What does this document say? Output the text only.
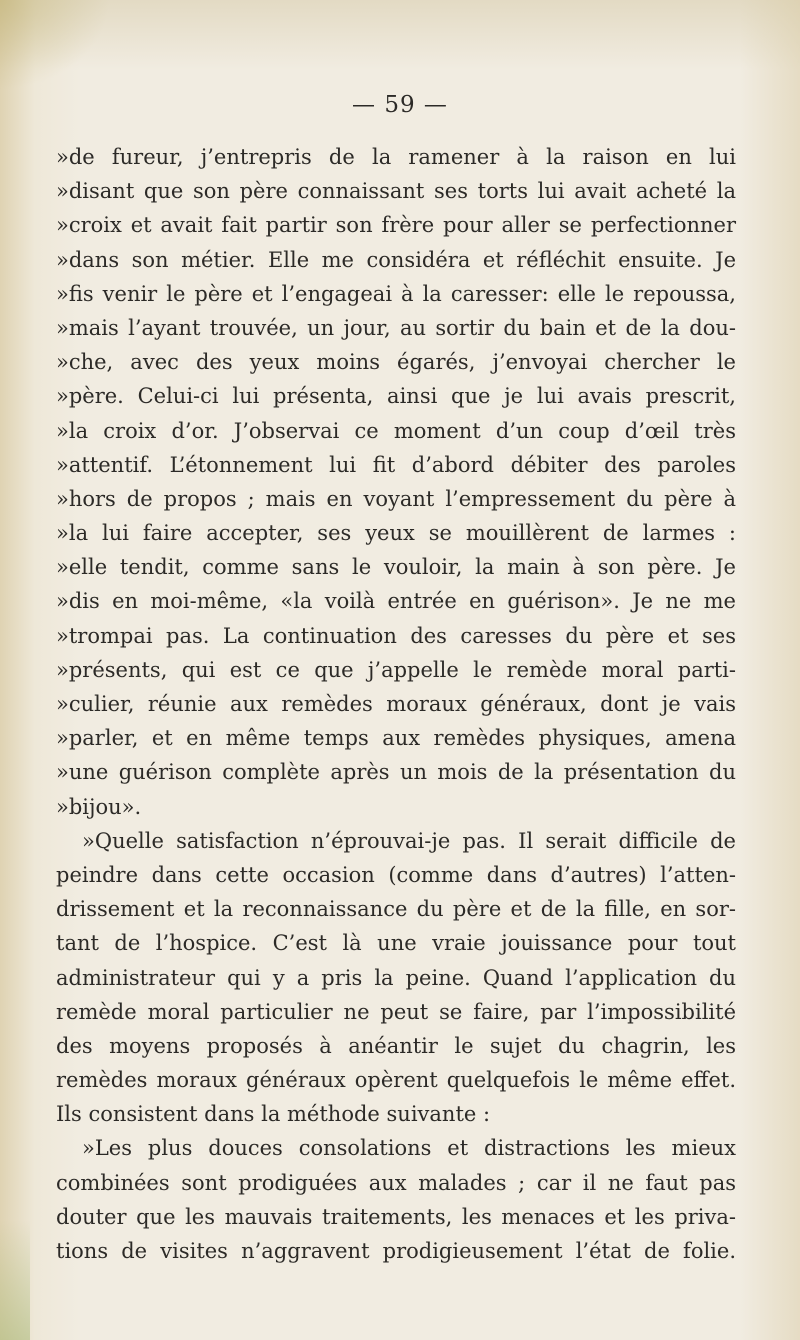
— 59 —
»de fureur, j’entrepris de la ramener à la raison en lui
»disant que son père connaissant ses torts lui avait acheté la
»croix et avait fait partir son frère pour aller se perfectionner
»dans son métier. Elle me considéra et réfléchit ensuite. Je
»fis venir le père et l’engageai à la caresser: elle le repoussa,
»mais l’ayant trouvée, un jour, au sortir du bain et de la dou-
»che, avec des yeux moins égarés, j’envoyai chercher le
»père. Celui-ci lui présenta, ainsi que je lui avais prescrit,
»la croix d’or. J’observai ce moment d’un coup d’œil très
»attentif. L’étonnement lui fit d’abord débiter des paroles
»hors de propos ; mais en voyant l’empressement du père à
»la lui faire accepter, ses yeux se mouillèrent de larmes :
»elle tendit, comme sans le vouloir, la main à son père. Je
»dis en moi-même, «la voilà entrée en guérison». Je ne me
»trompai pas. La continuation des caresses du père et ses
»présents, qui est ce que j’appelle le remède moral parti-
»culier, réunie aux remèdes moraux généraux, dont je vais
»parler, et en même temps aux remèdes physiques, amena
»une guérison complète après un mois de la présentation du
»bijou».
»Quelle satisfaction n’éprouvai-je pas. Il serait difficile de
peindre dans cette occasion (comme dans d’autres) l’atten-
drissement et la reconnaissance du père et de la fille, en sor-
tant de l’hospice. C’est là une vraie jouissance pour tout
administrateur qui y a pris la peine. Quand l’application du
remède moral particulier ne peut se faire, par l’impossibilité
des moyens proposés à anéantir le sujet du chagrin, les
remèdes moraux généraux opèrent quelquefois le même effet.
Ils consistent dans la méthode suivante :
»Les plus douces consolations et distractions les mieux
combinées sont prodiguées aux malades ; car il ne faut pas
douter que les mauvais traitements, les menaces et les priva-
tions de visites n’aggravent prodigieusement l’état de folie.
